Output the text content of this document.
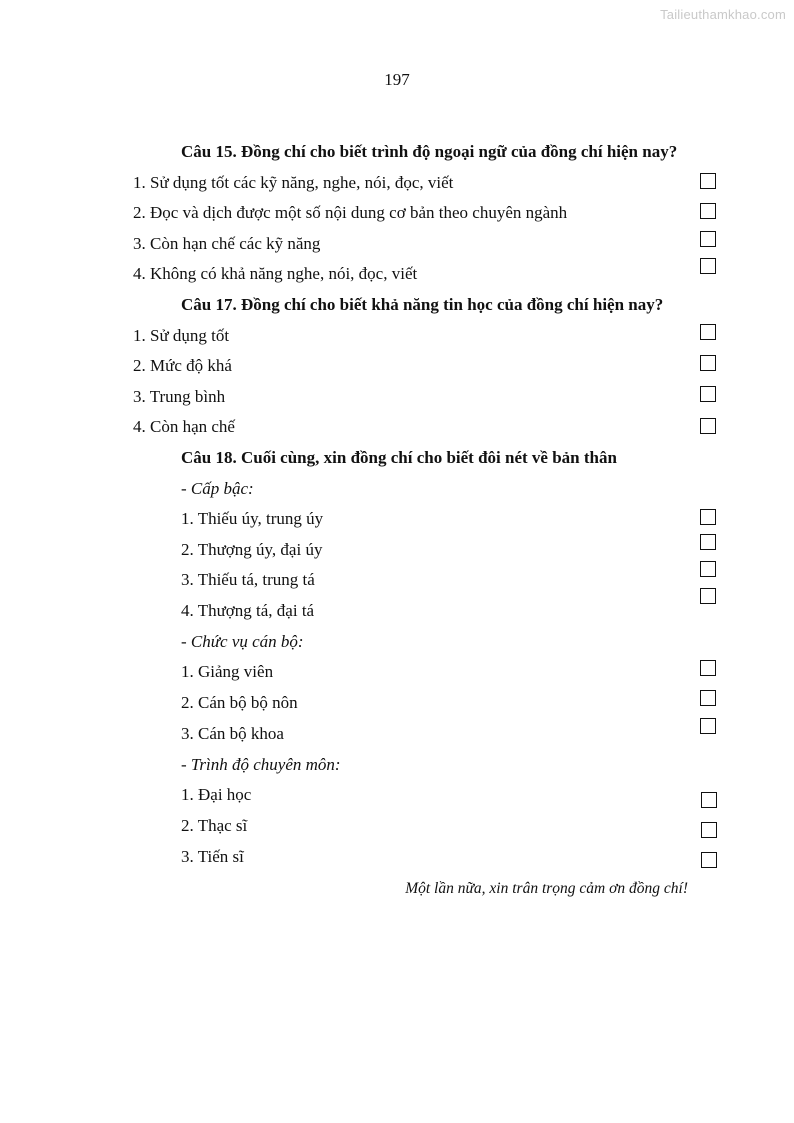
Tailieuthamkhao.com
197
Câu 15. Đồng chí cho biết trình độ ngoại ngữ của đồng chí hiện nay?
1. Sử dụng tốt các kỹ năng, nghe, nói, đọc, viết
2. Đọc và dịch được một số nội dung cơ bản theo chuyên ngành
3. Còn hạn chế các kỹ năng
4. Không có khả năng nghe, nói, đọc, viết
Câu 17. Đồng chí cho biết khả năng tin học của đồng chí hiện nay?
1. Sử dụng tốt
2. Mức độ khá
3. Trung bình
4. Còn hạn chế
Câu 18. Cuối cùng, xin đồng chí cho biết đôi nét về bản thân
- Cấp bậc:
1. Thiếu úy, trung úy
2. Thượng úy, đại úy
3. Thiếu tá, trung tá
4. Thượng tá, đại tá
- Chức vụ cán bộ:
1. Giảng viên
2. Cán bộ bộ nôn
3. Cán bộ khoa
- Trình độ chuyên môn:
1. Đại học
2. Thạc sĩ
3. Tiến sĩ
Một lần nữa, xin trân trọng cảm ơn đồng chí!
